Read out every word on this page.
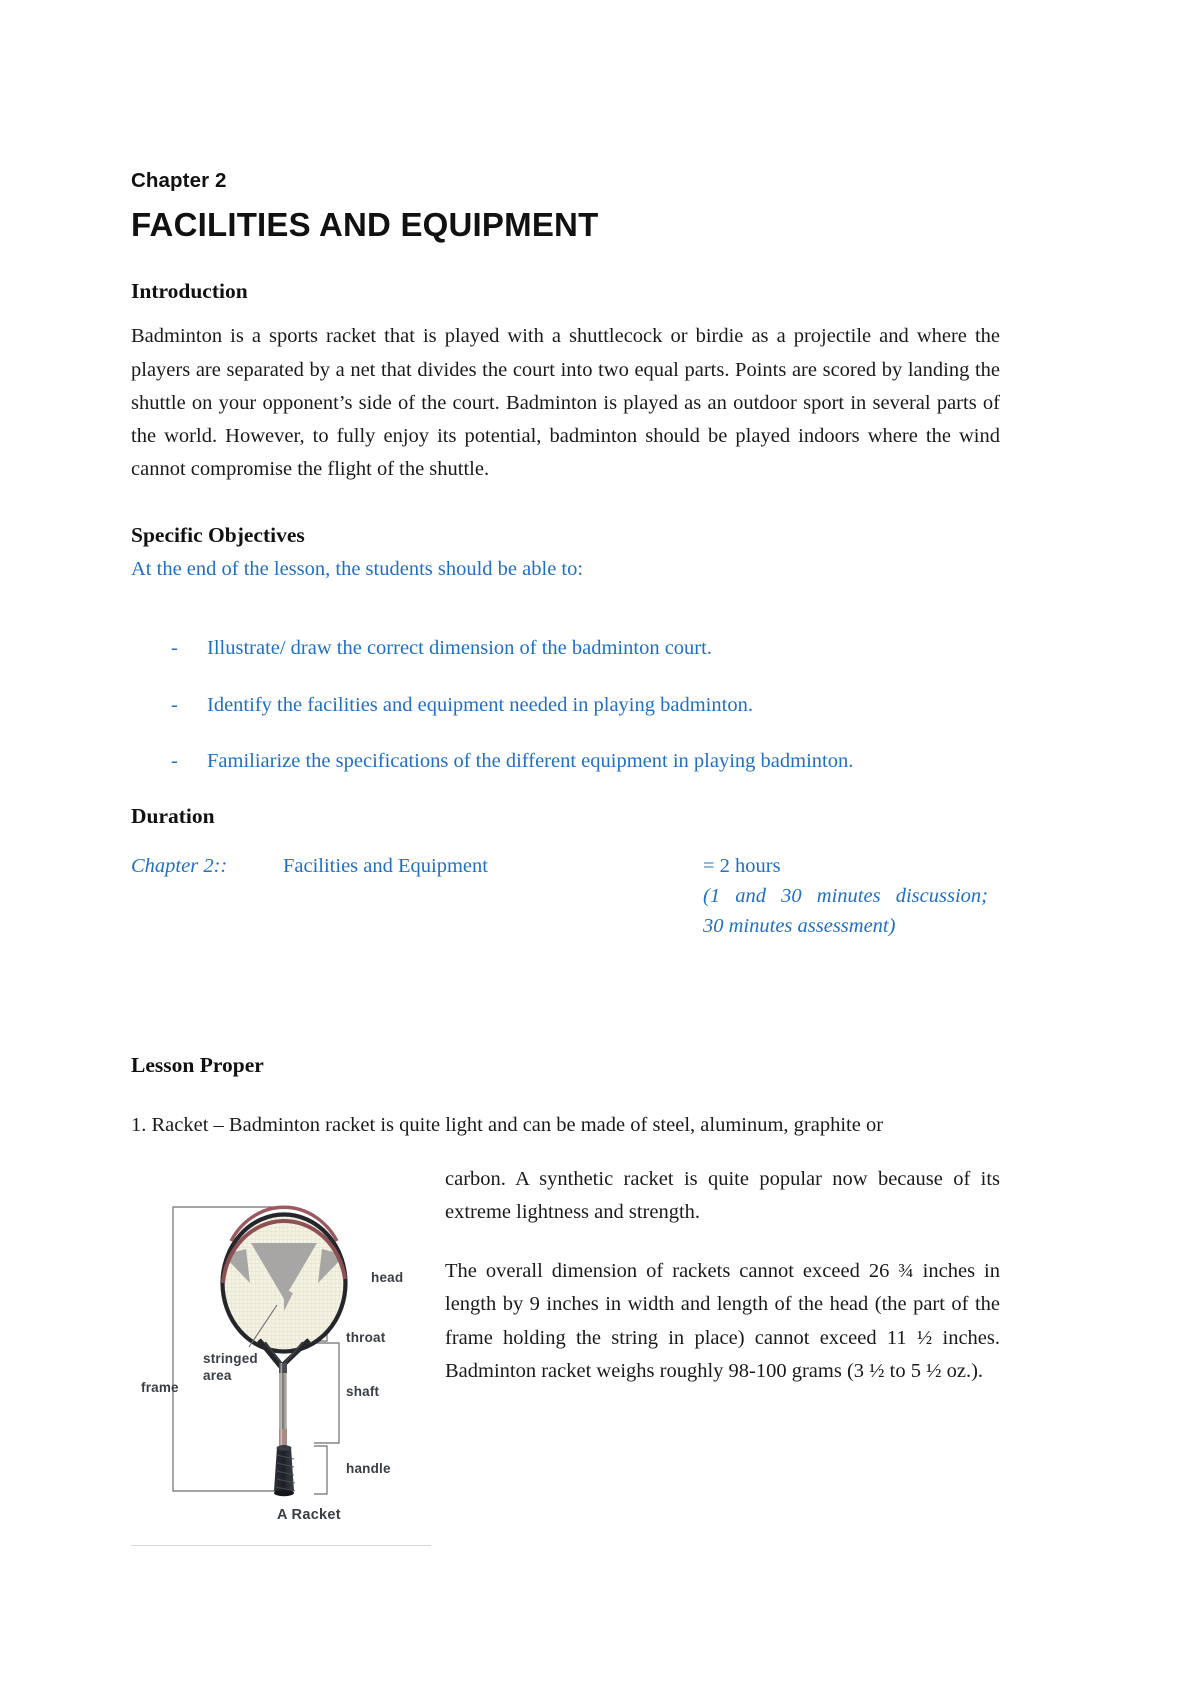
Chapter 2
FACILITIES AND EQUIPMENT
Introduction

Badminton is a sports racket that is played with a shuttlecock or birdie as a projectile and where the players are separated by a net that divides the court into two equal parts. Points are scored by landing the shuttle on your opponent’s side of the court. Badminton is played as an outdoor sport in several parts of the world. However, to fully enjoy its potential, badminton should be played indoors where the wind cannot compromise the flight of the shuttle.

Specific Objectives
At the end of the lesson, the students should be able to:
- Illustrate/ draw the correct dimension of the badminton court.
- Identify the facilities and equipment needed in playing badminton.
- Familiarize the specifications of the different equipment in playing badminton.
Duration
Chapter 2::	Facilities and Equipment	= 2 hours
(1 and 30 minutes discussion;
30 minutes assessment)
Lesson Proper

1. Racket – Badminton racket is quite light and can be made of steel, aluminum, graphite or

head
throat
shaft
handle
frame
stringed
area
A Racket

carbon. A synthetic racket is quite popular now because of its extreme lightness and strength.

The overall dimension of rackets cannot exceed 26 ¾ inches in length by 9 inches in width and length of the head (the part of the frame holding the string in place) cannot exceed 11 ½ inches. Badminton racket weighs roughly 98-100 grams (3 ½ to 5 ½ oz.).
